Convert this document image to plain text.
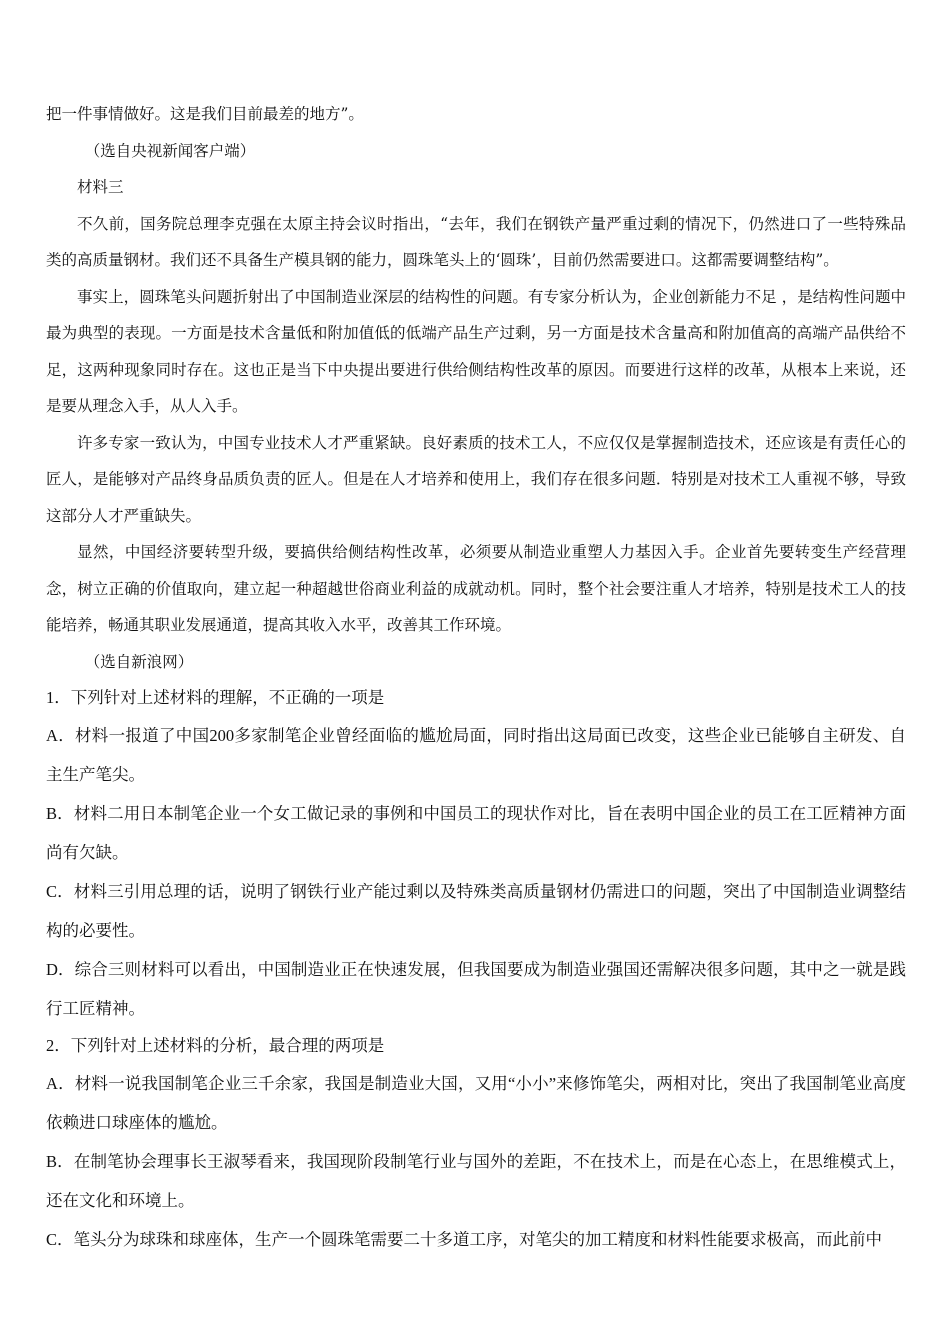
把一件事情做好。这是我们目前最差的地方”。

（选自央视新闻客户端）

材料三

不久前，国务院总理李克强在太原主持会议时指出，“去年，我们在钢铁产量严重过剩的情况下，仍然进口了一些特殊品类的高质量钢材。我们还不具备生产模具钢的能力，圆珠笔头上的‘圆珠’，目前仍然需要进口。这都需要调整结构”。

事实上，圆珠笔头问题折射出了中国制造业深层的结构性的问题。有专家分析认为，企业创新能力不足 ，是结构性问题中最为典型的表现。一方面是技术含量低和附加值低的低端产品生产过剩，另一方面是技术含量高和附加值高的高端产品供给不足，这两种现象同时存在。这也正是当下中央提出要进行供给侧结构性改革的原因。而要进行这样的改革，从根本上来说，还是要从理念入手，从人入手。

许多专家一致认为，中国专业技术人才严重紧缺。良好素质的技术工人，不应仅仅是掌握制造技术，还应该是有责任心的匠人，是能够对产品终身品质负责的匠人。但是在人才培养和使用上，我们存在很多问题．特别是对技术工人重视不够，导致这部分人才严重缺失。

显然，中国经济要转型升级，要搞供给侧结构性改革，必须要从制造业重塑人力基因入手。企业首先要转变生产经营理念，树立正确的价值取向，建立起一种超越世俗商业利益的成就动机。同时，整个社会要注重人才培养，特别是技术工人的技能培养，畅通其职业发展通道，提高其收入水平，改善其工作环境。

（选自新浪网）

1．下列针对上述材料的理解，不正确的一项是

A．材料一报道了中国200多家制笔企业曾经面临的尴尬局面，同时指出这局面已改变，这些企业已能够自主研发、自主生产笔尖。

B．材料二用日本制笔企业一个女工做记录的事例和中国员工的现状作对比，旨在表明中国企业的员工在工匠精神方面尚有欠缺。

C．材料三引用总理的话，说明了钢铁行业产能过剩以及特殊类高质量钢材仍需进口的问题，突出了中国制造业调整结构的必要性。

D．综合三则材料可以看出，中国制造业正在快速发展，但我国要成为制造业强国还需解决很多问题，其中之一就是践行工匠精神。

2．下列针对上述材料的分析，最合理的两项是

A．材料一说我国制笔企业三千余家，我国是制造业大国，又用“小小”来修饰笔尖，两相对比，突出了我国制笔业高度依赖进口球座体的尴尬。

B．在制笔协会理事长王淑琴看来，我国现阶段制笔行业与国外的差距，不在技术上，而是在心态上，在思维模式上，还在文化和环境上。

C．笔头分为球珠和球座体，生产一个圆珠笔需要二十多道工序，对笔尖的加工精度和材料性能要求极高，而此前中
